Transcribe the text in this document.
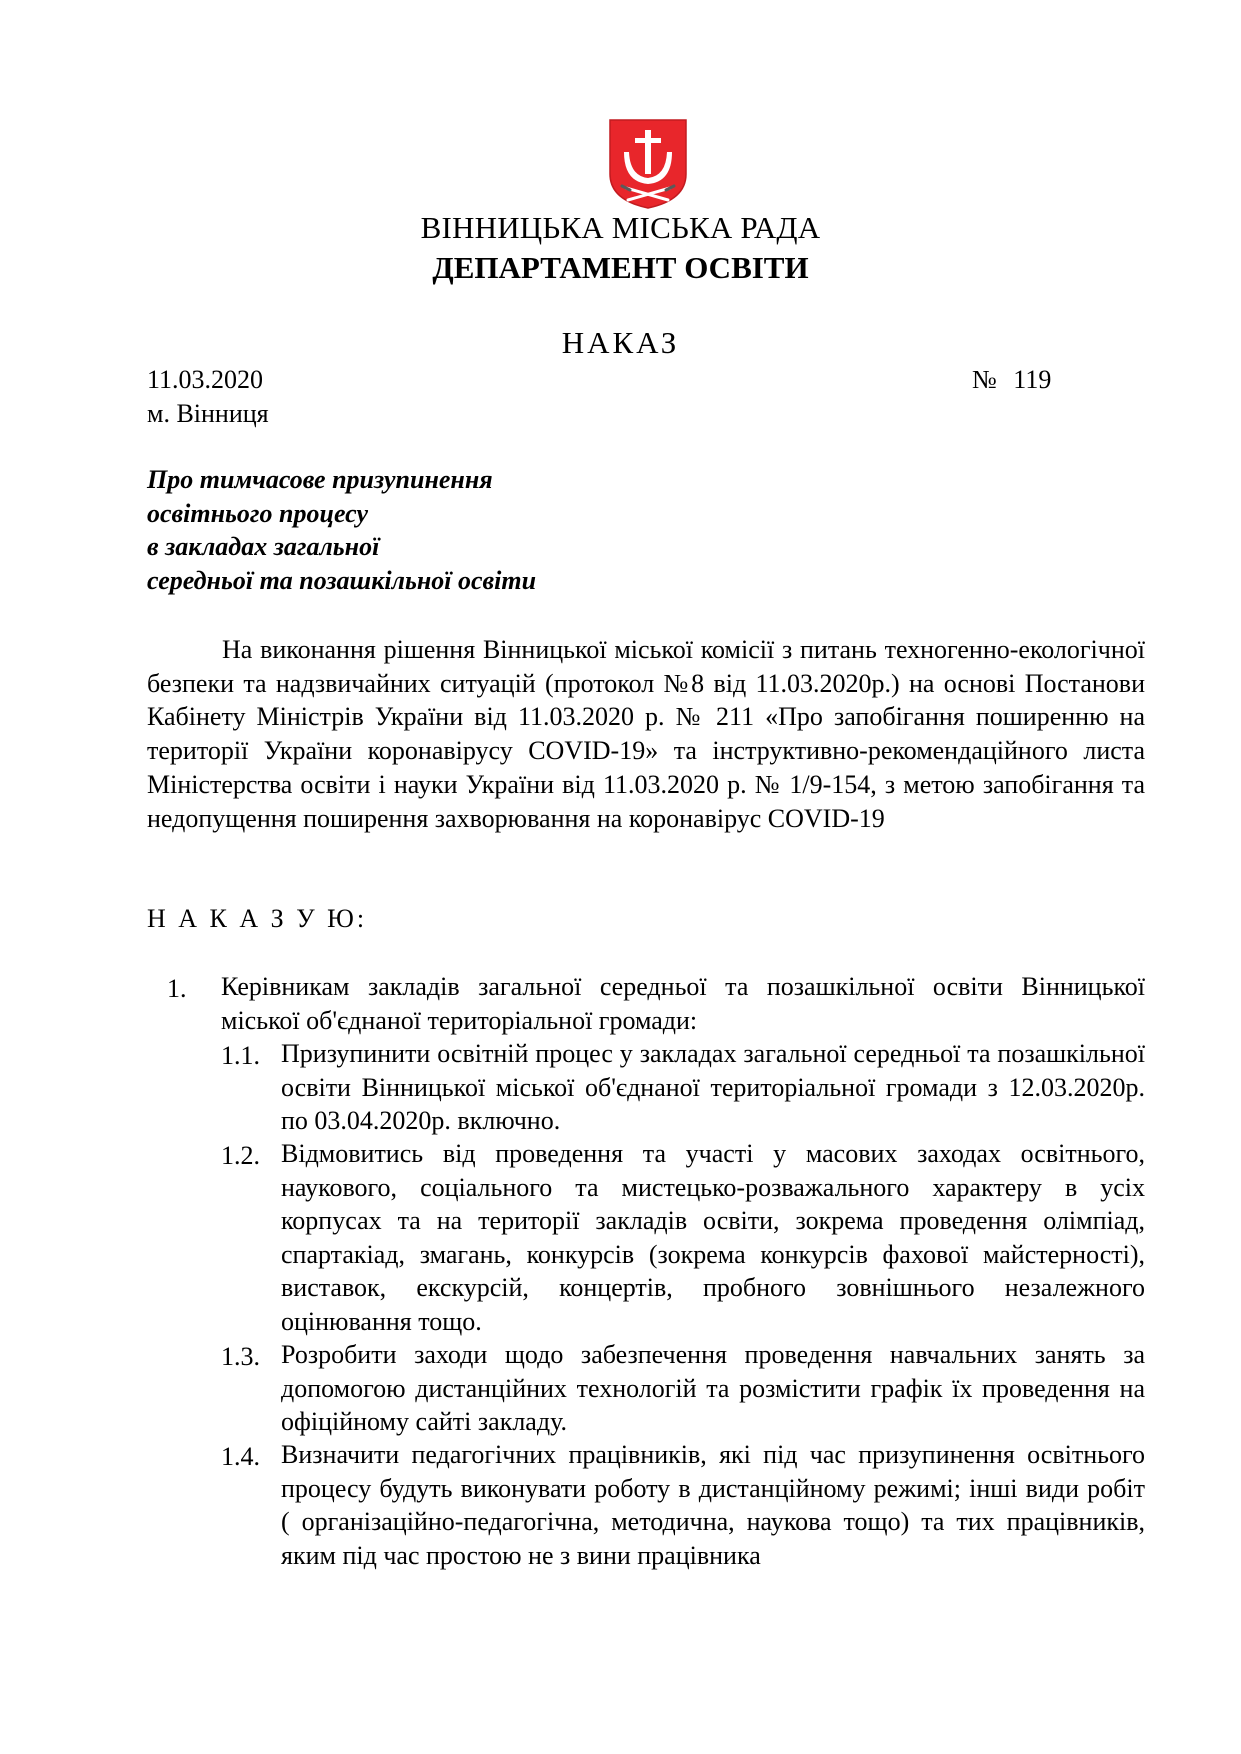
ВІННИЦЬКА МІСЬКА РАДА
ДЕПАРТАМЕНТ ОСВІТИ
НАКАЗ
11.03.2020	№ 119
м. Вінниця
Про тимчасове призупинення
освітнього процесу
в закладах загальної
середньої та позашкільної освіти
На виконання рішення Вінницької міської комісії з питань техногенно-екологічної безпеки та надзвичайних ситуацій (протокол №8 від 11.03.2020р.) на основі Постанови Кабінету Міністрів України від 11.03.2020 р. № 211 «Про запобігання поширенню на території України коронавірусу COVID-19» та інструктивно-рекомендаційного листа Міністерства освіти і науки України від 11.03.2020 р. № 1/9-154, з метою запобігання та недопущення поширення захворювання на коронавірус COVID-19
Н А К А З У Ю:
1. Керівникам закладів загальної середньої та позашкільної освіти Вінницької міської об'єднаної територіальної громади:
1.1. Призупинити освітній процес у закладах загальної середньої та позашкільної освіти Вінницької міської об'єднаної територіальної громади з 12.03.2020р. по 03.04.2020р. включно.
1.2. Відмовитись від проведення та участі у масових заходах освітнього, наукового, соціального та мистецько-розважального характеру в усіх корпусах та на території закладів освіти, зокрема проведення олімпіад, спартакіад, змагань, конкурсів (зокрема конкурсів фахової майстерності), виставок, екскурсій, концертів, пробного зовнішнього незалежного оцінювання тощо.
1.3. Розробити заходи щодо забезпечення проведення навчальних занять за допомогою дистанційних технологій та розмістити графік їх проведення на офіційному сайті закладу.
1.4. Визначити педагогічних працівників, які під час призупинення освітнього процесу будуть виконувати роботу в дистанційному режимі; інші види робіт ( організаційно-педагогічна, методична, наукова тощо) та тих працівників, яким під час простою не з вини працівника
